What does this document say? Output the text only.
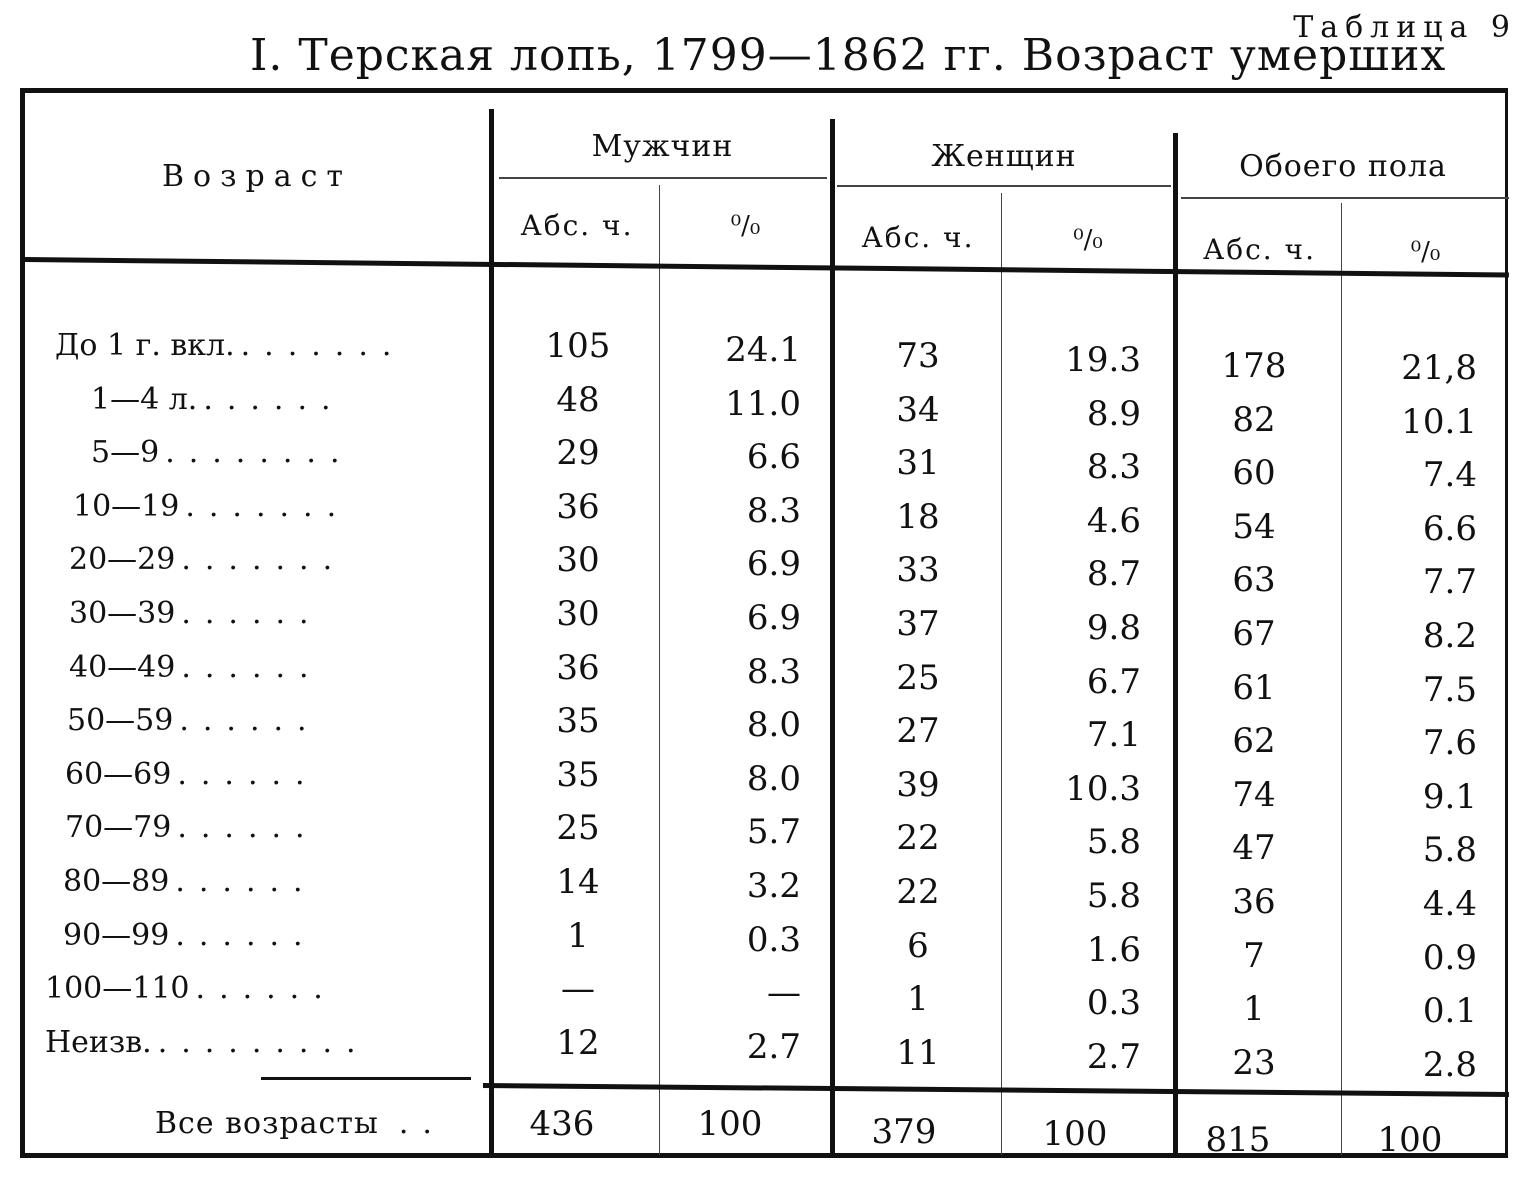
Таблица 9
I. Терская лопь, 1799—1862 гг. Возраст умерших
Возраст
Мужчин
Абс. ч.	⁰/₀
Женщин
Абс. ч.	⁰/₀
Обоего пола
Абс. ч.	⁰/₀
До 1 г. вкл. .......	105	24.1	73	19.3	178	21,8
1—4 л. ......	48	11.0	34	8.9	82	10.1
5—9 ........	29	6.6	31	8.3	60	7.4
10—19 .......	36	8.3	18	4.6	54	6.6
20—29 .......	30	6.9	33	8.7	63	7.7
30—39 ......	30	6.9	37	9.8	67	8.2
40—49 ......	36	8.3	25	6.7	61	7.5
50—59 ......	35	8.0	27	7.1	62	7.6
60—69 ......	35	8.0	39	10.3	74	9.1
70—79 ......	25	5.7	22	5.8	47	5.8
80—89 ......	14	3.2	22	5.8	36	4.4
90—99 ......	1	0.3	6	1.6	7	0.9
100—110 ......	—	—	1	0.3	1	0.1
Неизв. .........	12	2.7	11	2.7	23	2.8
Все возрасты ..	436	100	379	100	815	100
